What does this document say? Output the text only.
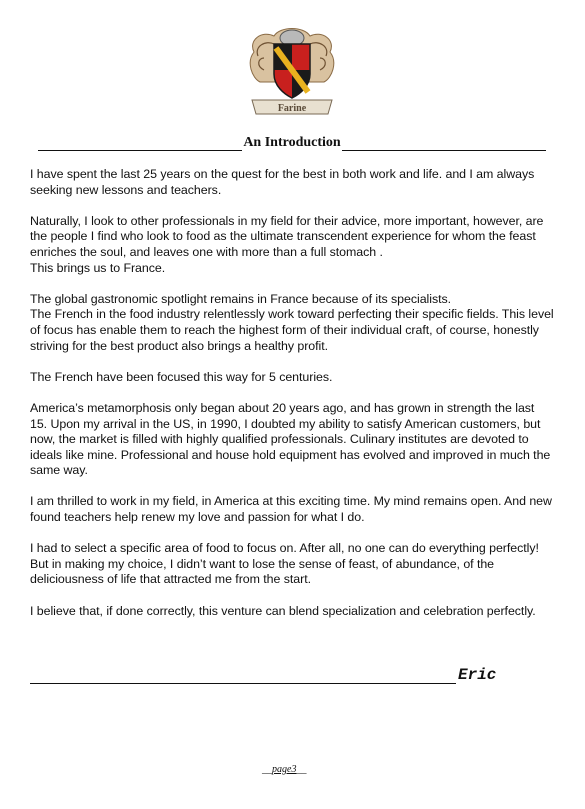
Farine
An Introduction

I have spent the last 25 years on the quest for the best in both work and life. and I am always seeking new lessons and teachers.

Naturally, I look to other professionals in my field for their advice, more important, however, are the people I find who look to food as the ultimate transcendent experience for whom the feast enriches the soul, and leaves one with more than a full stomach .
This brings us to France.

The global gastronomic spotlight remains in France because of its specialists.
The French in the food industry relentlessly work toward perfecting their specific fields. This level of focus has enable them to reach the highest form of their individual craft, of course, honestly striving for the best product also brings a healthy profit.

The French have been focused this way for 5 centuries.

America’s metamorphosis only began about 20 years ago, and has grown in strength the last 15. Upon my arrival in the US, in 1990, I doubted my ability to satisfy American customers, but now, the market is filled with highly qualified professionals. Culinary institutes are devoted to ideals like mine. Professional and house hold equipment has evolved and improved in much the same way.

I am thrilled to work in my field, in America at this exciting time. My mind remains open. And new found teachers help renew my love and passion for what I do.

I had to select a specific area of food to focus on. After all, no one can do everything perfectly! But in making my choice, I didn’t want to lose the sense of feast, of abundance, of the deliciousness of life that attracted me from the start.

I believe that, if done correctly, this venture can blend specialization and celebration perfectly.

Eric
__page3__
